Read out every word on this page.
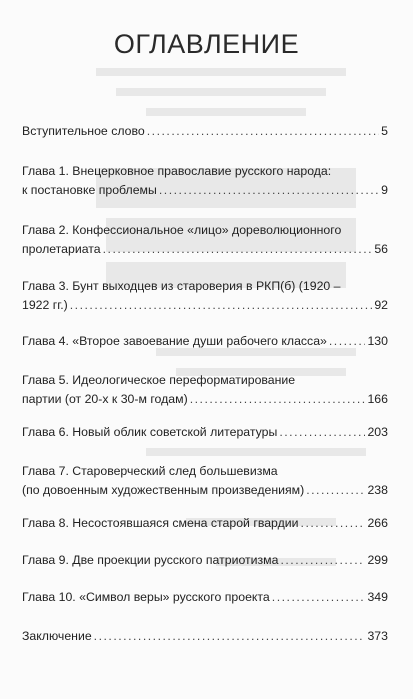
ОГЛАВЛЕНИЕ
Вступительное слово .....	5
Глава 1. Внецерковное православие русского народа:
к постановке проблемы .....	9
Глава 2. Конфессиональное «лицо» дореволюционного
пролетариата .....	56
Глава 3. Бунт выходцев из староверия в РКП(б) (1920 –
1922 гг.) .....	92
Глава 4. «Второе завоевание души рабочего класса» .....	130
Глава 5. Идеологическое переформатирование
партии (от 20-х к 30-м годам) .....	166
Глава 6. Новый облик советской литературы .....	203
Глава 7. Староверческий след большевизма
(по довоенным художественным произведениям) .....	238
Глава 8. Несостоявшаяся смена старой гвардии .....	266
Глава 9. Две проекции русского патриотизма .....	299
Глава 10. «Символ веры» русского проекта .....	349
Заключение .....	373
